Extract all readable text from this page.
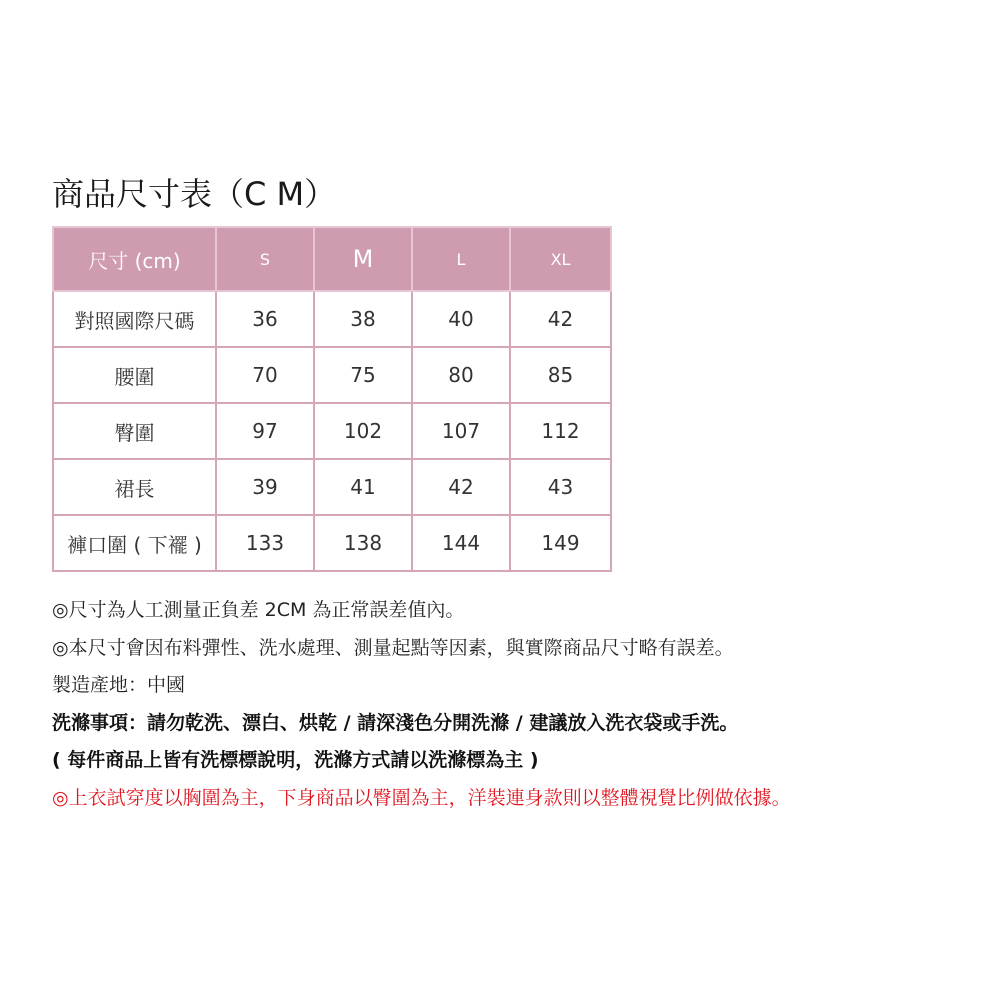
商品尺寸表（C M）
尺寸 (cm)	S	M	L	XL
對照國際尺碼	36	38	40	42
腰圍	70	75	80	85
臀圍	97	102	107	112
裙長	39	41	42	43
褲口圍 ( 下襬 )	133	138	144	149
◎尺寸為人工測量正負差 2CM 為正常誤差值內。
◎本尺寸會因布料彈性、洗水處理、測量起點等因素，與實際商品尺寸略有誤差。
製造產地：中國
洗滌事項：請勿乾洗、漂白、烘乾 / 請深淺色分開洗滌 / 建議放入洗衣袋或手洗。
( 每件商品上皆有洗標標說明，洗滌方式請以洗滌標為主 )
◎上衣試穿度以胸圍為主，下身商品以臀圍為主，洋裝連身款則以整體視覺比例做依據。
